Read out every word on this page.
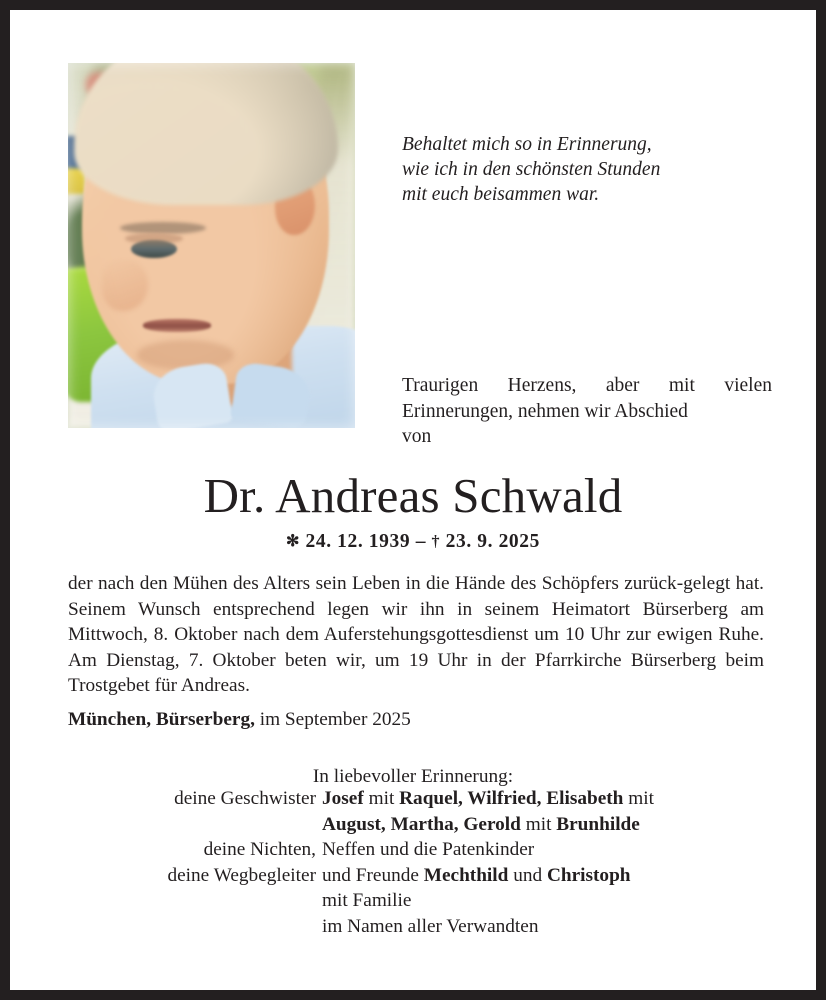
Behaltet mich so in Erinnerung,
wie ich in den schönsten Stunden
mit euch beisammen war.
Traurigen Herzens, aber mit vielen Erinnerungen, nehmen wir Abschied
von
Dr. Andreas Schwald
✻ 24. 12. 1939 – † 23. 9. 2025
der nach den Mühen des Alters sein Leben in die Hände des Schöpfers zurück-gelegt hat. Seinem Wunsch entsprechend legen wir ihn in seinem Heimatort Bürserberg am Mittwoch, 8. Oktober nach dem Auferstehungsgottesdienst um 10 Uhr zur ewigen Ruhe. Am Dienstag, 7. Oktober beten wir, um 19 Uhr in der Pfarrkirche Bürserberg beim Trostgebet für Andreas.
München, Bürserberg, im September 2025
In liebevoller Erinnerung:
deine Geschwister Josef mit Raquel, Wilfried, Elisabeth mit
August, Martha, Gerold mit Brunhilde
deine Nichten, Neffen und die Patenkinder
deine Wegbegleiter und Freunde Mechthild und Christoph
mit Familie
im Namen aller Verwandten
